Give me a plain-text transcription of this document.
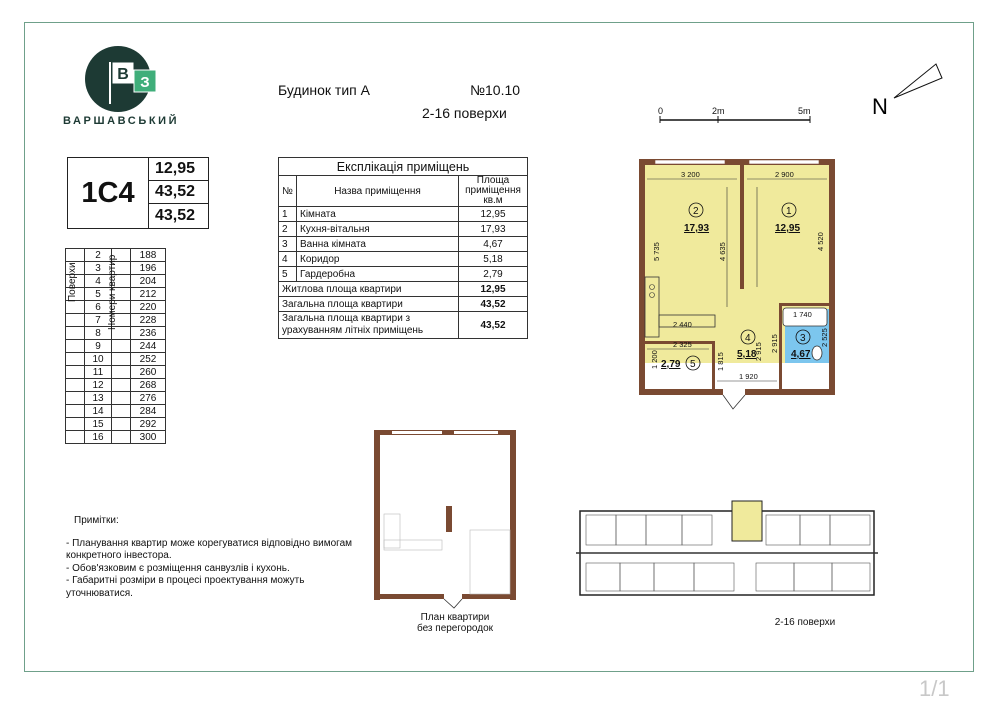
В З
ВАРШАВСЬКИЙ
Будинок тип А	№10.10
2-16 поверхи	0	2m	5m	N
1С4
12,95
43,52
43,52
Експлікація приміщень		
№	Назва приміщення	Площа приміщення кв.м
1	Кімната	12,95
2	Кухня-вітальня	17,93
3	Ванна кімната	4,67
4	Коридор	5,18
5	Гардеробна	2,79
Житлова площа квартири		12,95
Загальна площа квартири		43,52
Загальна площа квартири з урахуванням літніх приміщень		43,52
	2		188
	3		196
	4		204
	5		212
	6		220
	7		228
	8		236
	9		244
	10		252
	11		260
	12		268
	13		276
	14		284
	15		292
	16		300
Поверхи	Номери квартир
Примітки:
- Планування квартир може корегуватися відповідно вимогам конкретного інвестора.
- Обов'язковим є розміщення санвузлів і кухонь.
- Габаритні розміри в процесі проектування можуть уточнюватися.
3 200	2 900
5 735	4 635
4 520
2 440
1 740
2 325
1 200	1 815
2 915 2 915
1 920
2 525
2
17,93
1
12,95
4
5,18
3
4,67
5
2,79
План квартири
без перегородок
2-16 поверхи
1/1
